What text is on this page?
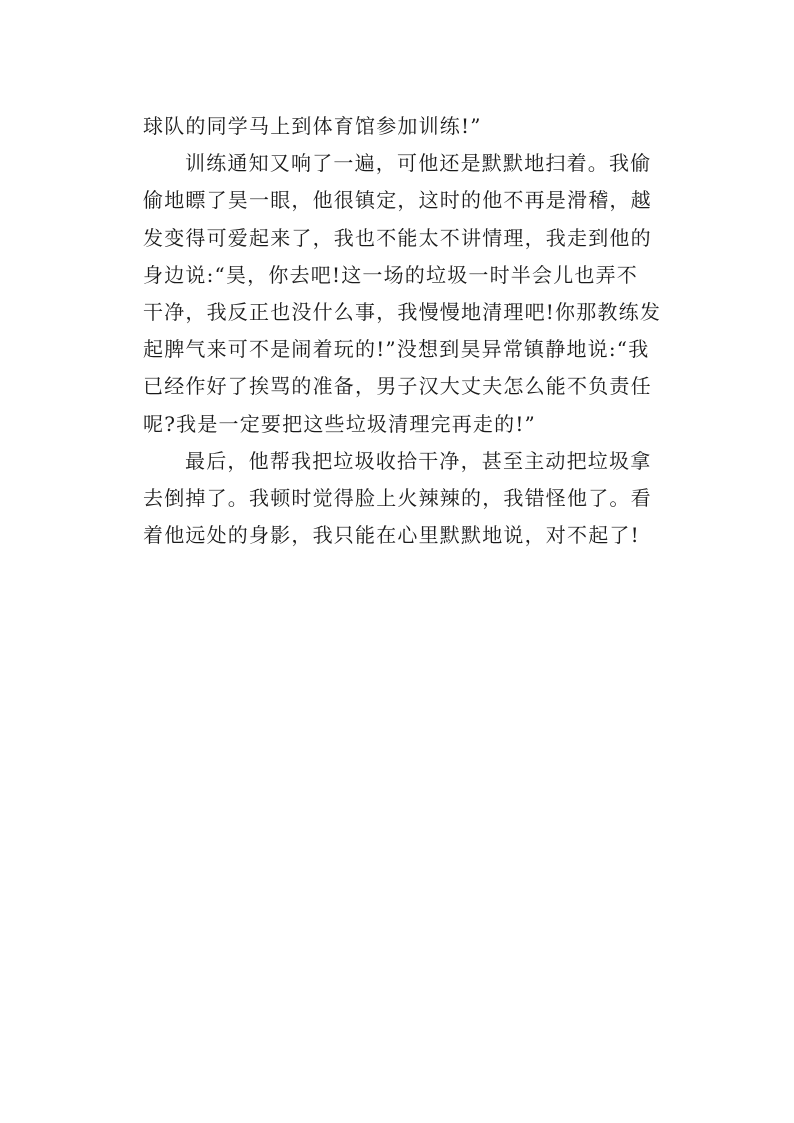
球队的同学马上到体育馆参加训练!”
训练通知又响了一遍，可他还是默默地扫着。我偷
偷地瞟了昊一眼，他很镇定，这时的他不再是滑稽，越
发变得可爱起来了，我也不能太不讲情理，我走到他的
身边说:“昊，你去吧!这一场的垃圾一时半会儿也弄不
干净，我反正也没什么事，我慢慢地清理吧!你那教练发
起脾气来可不是闹着玩的!”没想到昊异常镇静地说:“我
已经作好了挨骂的准备，男子汉大丈夫怎么能不负责任
呢?我是一定要把这些垃圾清理完再走的!”
最后，他帮我把垃圾收拾干净，甚至主动把垃圾拿
去倒掉了。我顿时觉得脸上火辣辣的，我错怪他了。看
着他远处的身影，我只能在心里默默地说，对不起了!
